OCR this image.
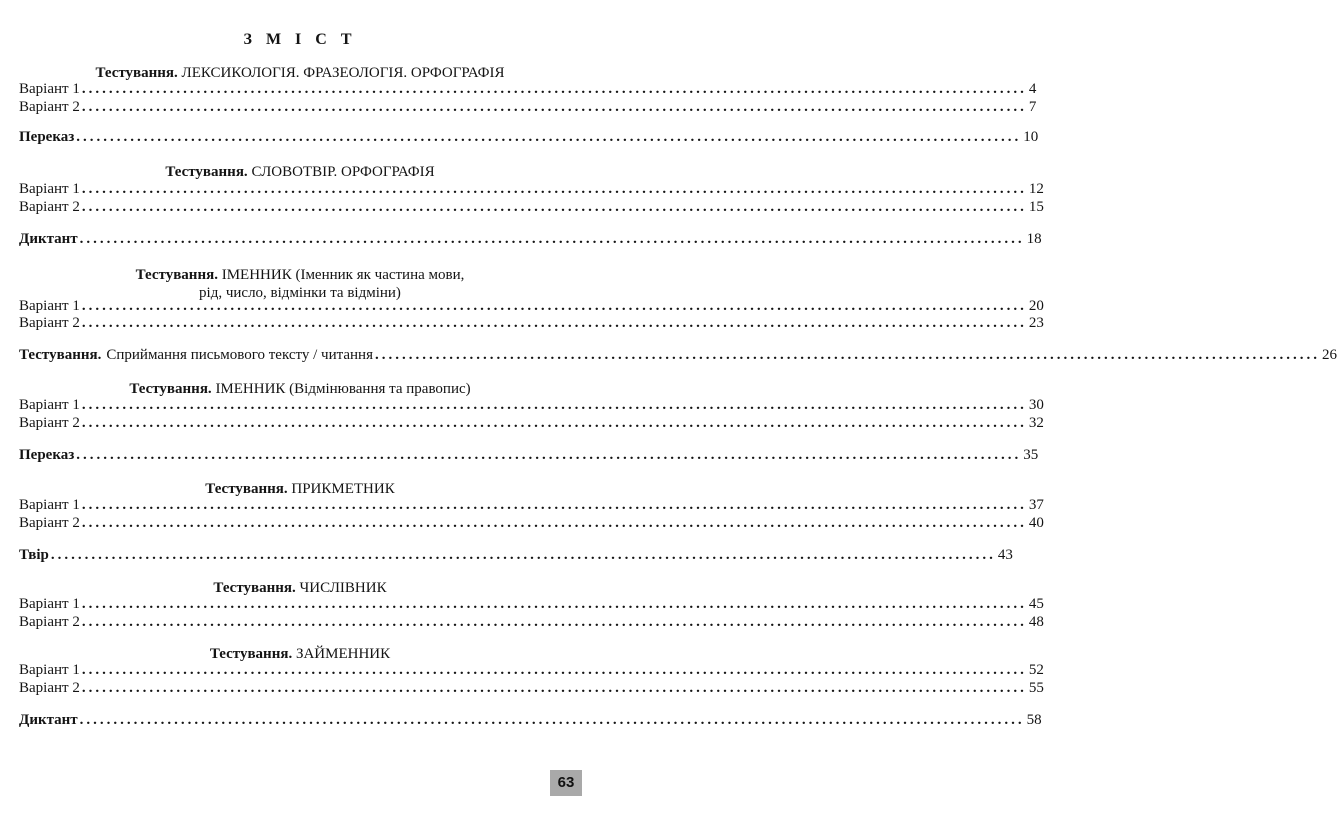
З М І С Т
Тестування. ЛЕКСИКОЛОГІЯ. ФРАЗЕОЛОГІЯ. ОРФОГРАФІЯ
Варіант 1 ............................................................................................................................................ 4
Варіант 2 ............................................................................................................................................ 7
Переказ ............................................................................................................................................ 10
Тестування. СЛОВОТВІР. ОРФОГРАФІЯ
Варіант 1 ............................................................................................................................................ 12
Варіант 2 ............................................................................................................................................ 15
Диктант ............................................................................................................................................ 18
Тестування. ІМЕННИК (Іменник як частина мови,
рід, число, відмінки та відміни)
Варіант 1 ............................................................................................................................................ 20
Варіант 2 ............................................................................................................................................ 23
Тестування. Сприймання письмового тексту / читання ............................................................................................................................................ 26
Тестування. ІМЕННИК (Відмінювання та правопис)
Варіант 1 ............................................................................................................................................ 30
Варіант 2 ............................................................................................................................................ 32
Переказ ............................................................................................................................................ 35
Тестування. ПРИКМЕТНИК
Варіант 1 ............................................................................................................................................ 37
Варіант 2 ............................................................................................................................................ 40
Твір ............................................................................................................................................ 43
Тестування. ЧИСЛІВНИК
Варіант 1 ............................................................................................................................................ 45
Варіант 2 ............................................................................................................................................ 48
Тестування. ЗАЙМЕННИК
Варіант 1 ............................................................................................................................................ 52
Варіант 2 ............................................................................................................................................ 55
Диктант ............................................................................................................................................ 58
63
